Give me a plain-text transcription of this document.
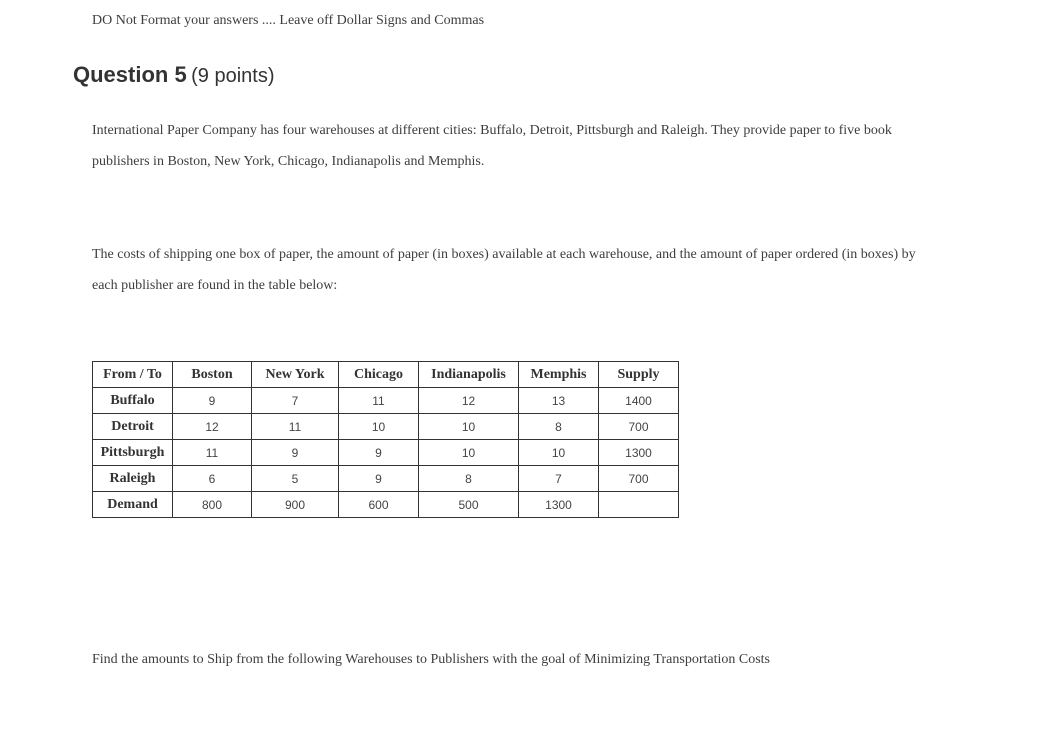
DO Not Format your answers .... Leave off Dollar Signs and Commas
Question 5 (9 points)

International Paper Company has four warehouses at different cities: Buffalo, Detroit, Pittsburgh and Raleigh. They provide paper to five book publishers in Boston, New York, Chicago, Indianapolis and Memphis.

The costs of shipping one box of paper, the amount of paper (in boxes) available at each warehouse, and the amount of paper ordered (in boxes) by each publisher are found in the table below:

From / To	Boston	New York	Chicago	Indianapolis	Memphis	Supply
Buffalo	9	7	11	12	13	1400
Detroit	12	11	10	10	8	700
Pittsburgh	11	9	9	10	10	1300
Raleigh	6	5	9	8	7	700
Demand	800	900	600	500	1300	

Find the amounts to Ship from the following Warehouses to Publishers with the goal of Minimizing Transportation Costs
